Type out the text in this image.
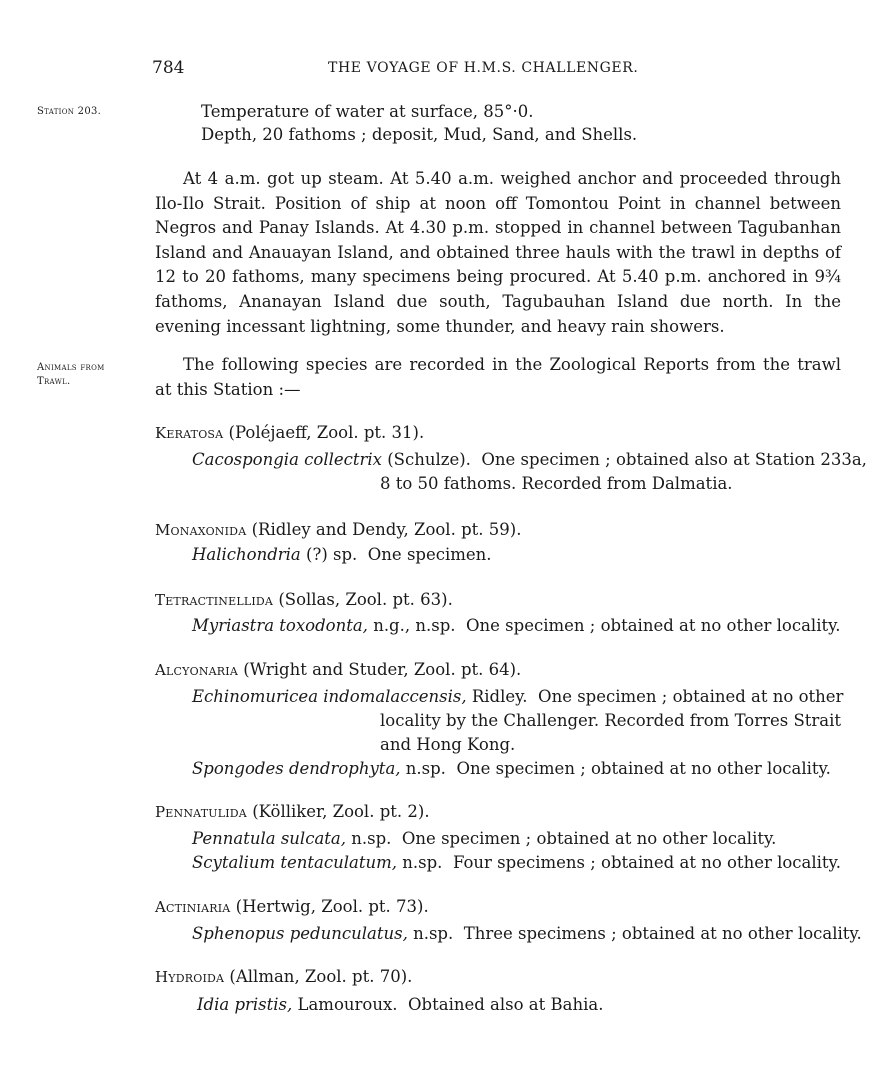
784	THE VOYAGE OF H.M.S. CHALLENGER.
Station 203.
Animals from
Trawl.
Temperature of water at surface, 85°·0.
Depth, 20 fathoms ; deposit, Mud, Sand, and Shells.
At 4 a.m. got up steam. At 5.40 a.m. weighed anchor and proceeded through Ilo-Ilo Strait. Position of ship at noon off Tomontou Point in channel between Negros and Panay Islands. At 4.30 p.m. stopped in channel between Tagubanhan Island and Anauayan Island, and obtained three hauls with the trawl in depths of 12 to 20 fathoms, many specimens being procured. At 5.40 p.m. anchored in 9¾ fathoms, Ananayan Island due south, Tagubauhan Island due north. In the evening incessant lightning, some thunder, and heavy rain showers.
The following species are recorded in the Zoological Reports from the trawl at this Station :—
Keratosa (Poléjaeff, Zool. pt. 31).
Cacospongia collectrix (Schulze). One specimen ; obtained also at Station 233a,
8 to 50 fathoms. Recorded from Dalmatia.
Monaxonida (Ridley and Dendy, Zool. pt. 59).
Halichondria (?) sp. One specimen.
Tetractinellida (Sollas, Zool. pt. 63).
Myriastra toxodonta, n.g., n.sp. One specimen ; obtained at no other locality.
Alcyonaria (Wright and Studer, Zool. pt. 64).
Echinomuricea indomalaccensis, Ridley. One specimen ; obtained at no other
locality by the Challenger. Recorded from Torres Strait
and Hong Kong.
Spongodes dendrophyta, n.sp. One specimen ; obtained at no other locality.
Pennatulida (Kölliker, Zool. pt. 2).
Pennatula sulcata, n.sp. One specimen ; obtained at no other locality.
Scytalium tentaculatum, n.sp. Four specimens ; obtained at no other locality.
Actiniaria (Hertwig, Zool. pt. 73).
Sphenopus pedunculatus, n.sp. Three specimens ; obtained at no other locality.
Hydroida (Allman, Zool. pt. 70).
Idia pristis, Lamouroux. Obtained also at Bahia.
